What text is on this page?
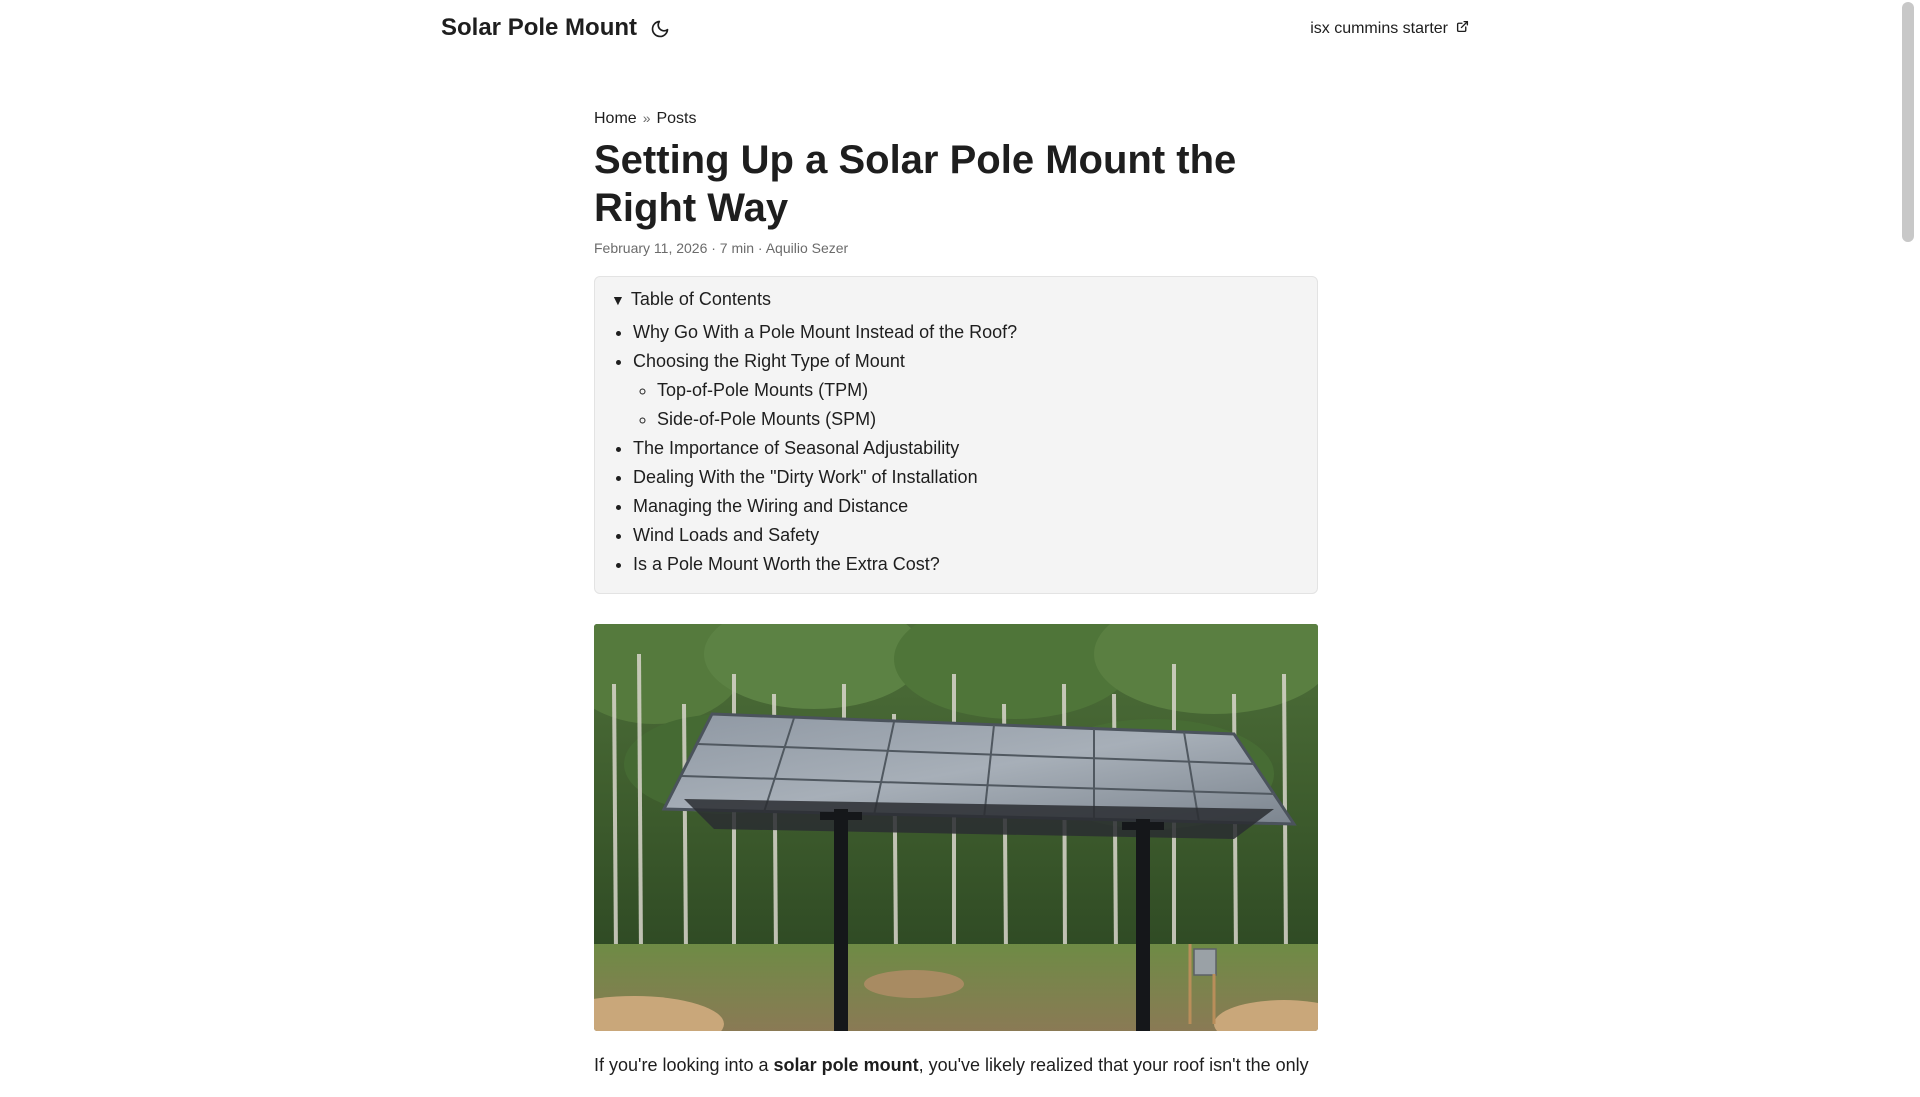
Solar Pole Mount	isx cummins starter
Home » Posts
Setting Up a Solar Pole Mount the Right Way
February 11, 2026 · 7 min · Aquilio Sezer
▼ Table of Contents
• Why Go With a Pole Mount Instead of the Roof?
• Choosing the Right Type of Mount
◦ Top-of-Pole Mounts (TPM)
◦ Side-of-Pole Mounts (SPM)
• The Importance of Seasonal Adjustability
• Dealing With the "Dirty Work" of Installation
• Managing the Wiring and Distance
• Wind Loads and Safety
• Is a Pole Mount Worth the Extra Cost?

If you're looking into a solar pole mount, you've likely realized that your roof isn't the only
